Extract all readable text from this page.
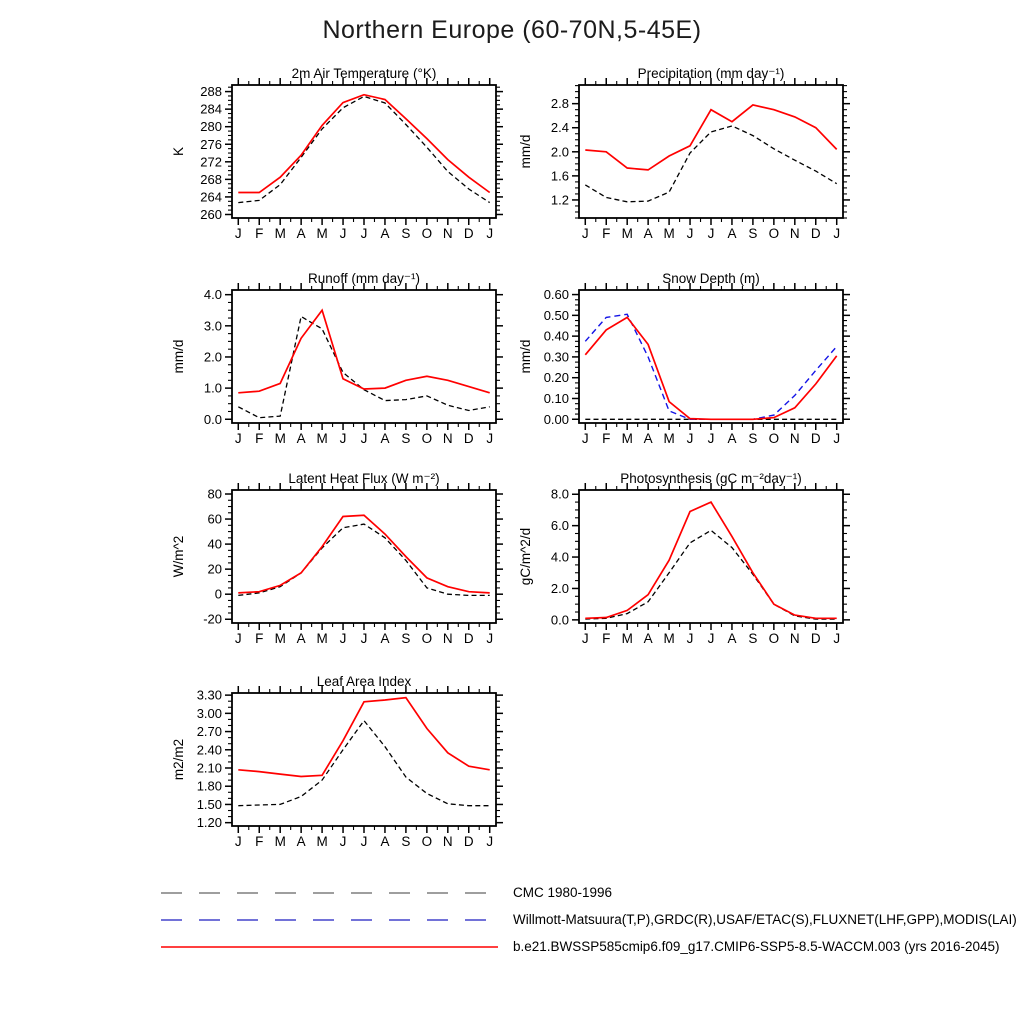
Northern Europe (60-70N,5-45E)
260
264
268
272
276
280
284
288
J F M A M J J A S O N D J
2m Air Temperature (°K)
K
1.2
1.6
2.0
2.4
2.8
J F M A M J J A S O N D J
Precipitation (mm day⁻¹)
mm/d
0.0
1.0
2.0
3.0
4.0
J F M A M J J A S O N D J
Runoff (mm day⁻¹)
mm/d
0.00
0.10
0.20
0.30
0.40
0.50
0.60
J F M A M J J A S O N D J
Snow Depth (m)
mm/d
-20
0
20
40
60
80
J F M A M J J A S O N D J
Latent Heat Flux (W m⁻²)
W/m^2
0.0
2.0
4.0
6.0
8.0
J F M A M J J A S O N D J
Photosynthesis (gC m⁻²day⁻¹)
gC/m^2/d
1.20
1.50
1.80
2.10
2.40
2.70
3.00
3.30
J F M A M J J A S O N D J
Leaf Area Index
m2/m2
CMC 1980-1996
Willmott-Matsuura(T,P),GRDC(R),USAF/ETAC(S),FLUXNET(LHF,GPP),MODIS(LAI)
b.e21.BWSSP585cmip6.f09_g17.CMIP6-SSP5-8.5-WACCM.003 (yrs 2016-2045)
